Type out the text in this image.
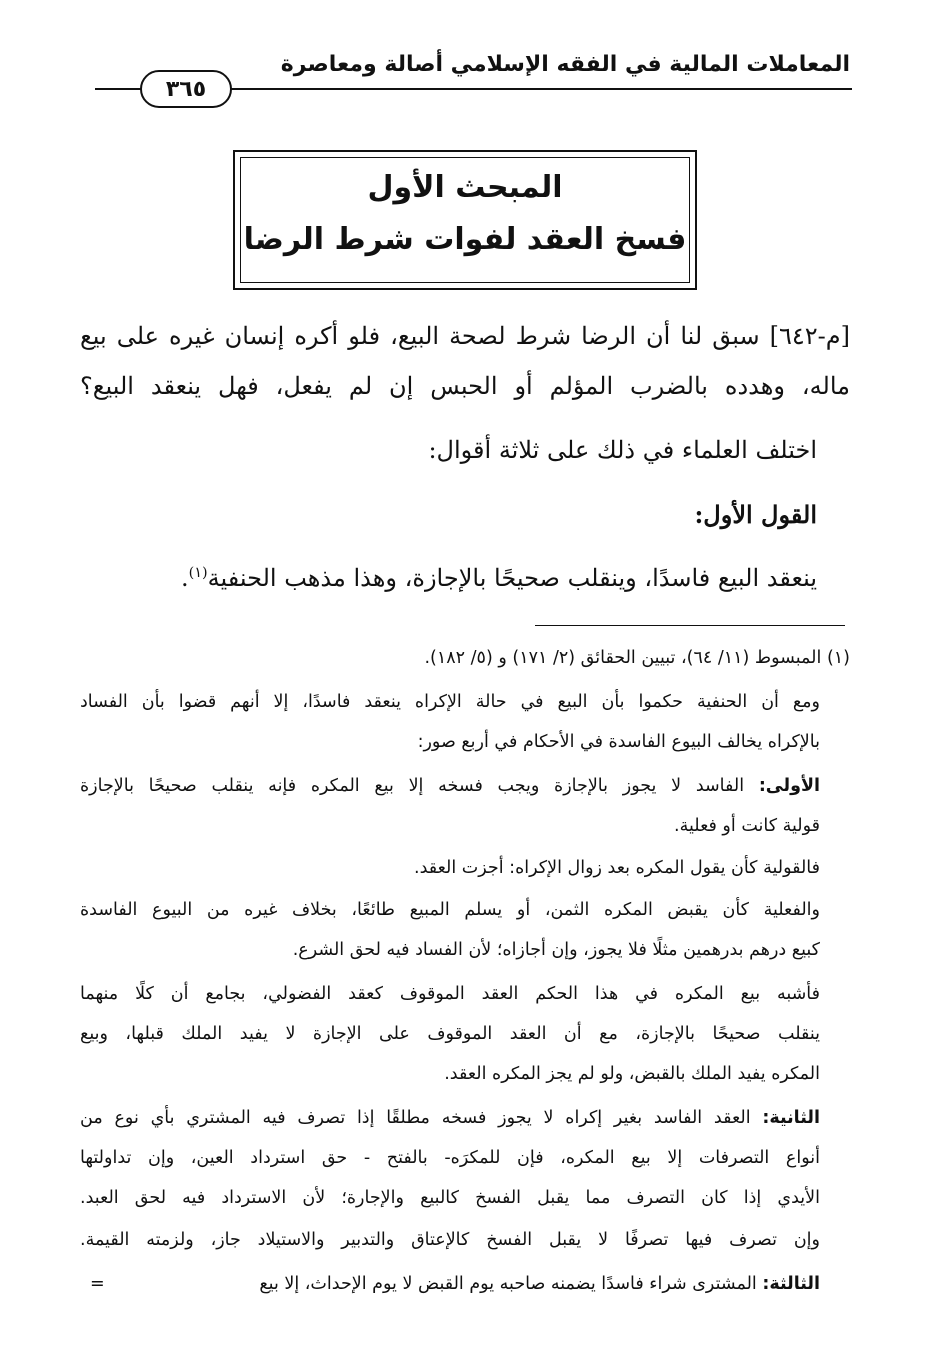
المعاملات المالية في الفقه الإسلامي أصالة ومعاصرة
٣٦٥
المبحث الأول
فسخ العقد لفوات شرط الرضا
[م-٦٤٢] سبق لنا أن الرضا شرط لصحة البيع، فلو أكره إنسان غيره على بيع
ماله، وهدده بالضرب المؤلم أو الحبس إن لم يفعل، فهل ينعقد البيع؟
اختلف العلماء في ذلك على ثلاثة أقوال:
القول الأول:
ينعقد البيع فاسدًا، وينقلب صحيحًا بالإجازة، وهذا مذهب الحنفية$^{(١)}$.
(١) المبسوط (١١/ ٦٤)، تبيين الحقائق (٢/ ١٧١) و (٥/ ١٨٢).
ومع أن الحنفية حكموا بأن البيع في حالة الإكراه ينعقد فاسدًا، إلا أنهم قضوا بأن الفساد
بالإكراه يخالف البيوع الفاسدة في الأحكام في أربع صور:
الأولى: الفاسد لا يجوز بالإجازة ويجب فسخه إلا بيع المكره فإنه ينقلب صحيحًا بالإجازة
قولية كانت أو فعلية.
فالقولية كأن يقول المكره بعد زوال الإكراه: أجزت العقد.
والفعلية كأن يقبض المكره الثمن، أو يسلم المبيع طائعًا، بخلاف غيره من البيوع الفاسدة
كبيع درهم بدرهمين مثلًا فلا يجوز، وإن أجازاه؛ لأن الفساد فيه لحق الشرع.
فأشبه بيع المكره في هذا الحكم العقد الموقوف كعقد الفضولي، بجامع أن كلًا منهما
ينقلب صحيحًا بالإجازة، مع أن العقد الموقوف على الإجازة لا يفيد الملك قبلها، وبيع
المكره يفيد الملك بالقبض، ولو لم يجز المكره العقد.
الثانية: العقد الفاسد بغير إكراه لا يجوز فسخه مطلقًا إذا تصرف فيه المشتري بأي نوع من
أنواع التصرفات إلا بيع المكره، فإن للمكرَه- بالفتح - حق استرداد العين، وإن تداولتها
الأيدي إذا كان التصرف مما يقبل الفسخ كالبيع والإجارة؛ لأن الاسترداد فيه لحق العبد.
وإن تصرف فيها تصرفًا لا يقبل الفسخ كالإعتاق والتدبير والاستيلاد جاز، ولزمته القيمة.
الثالثة: المشترى شراء فاسدًا يضمنه صاحبه يوم القبض لا يوم الإحداث، إلا بيع
=
